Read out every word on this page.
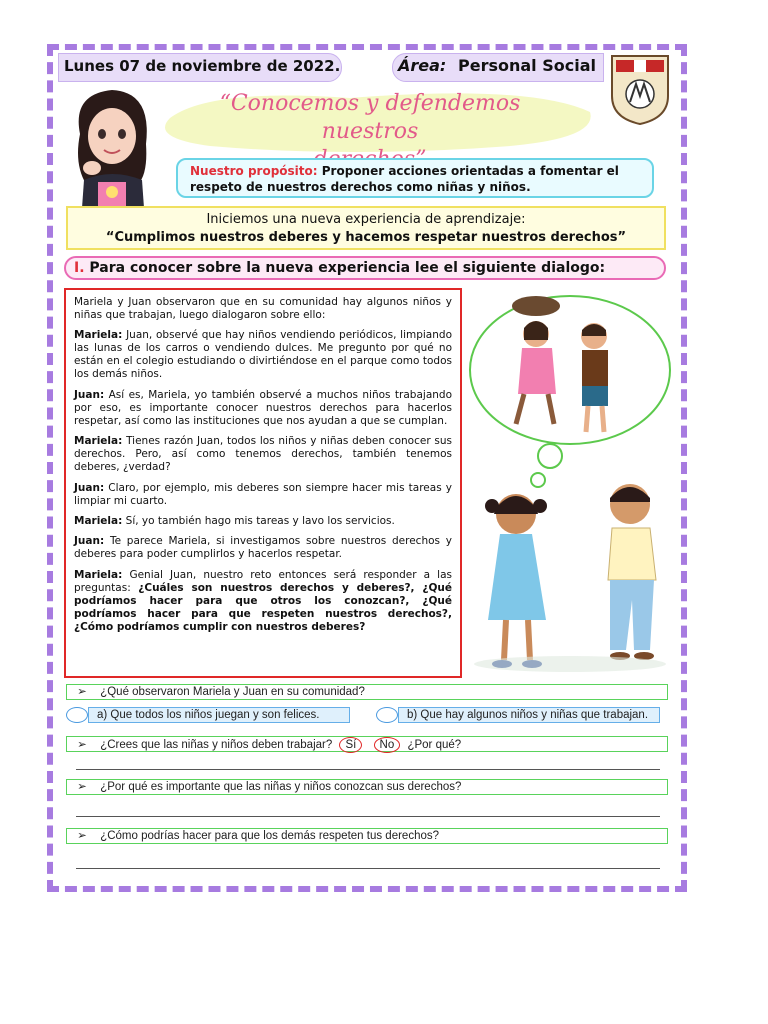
Lunes 07 de noviembre de 2022.	Área: Personal Social
“Conocemos y defendemos nuestros
Nuestro propósito: Proponer acciones orientadas a fomentar el respeto de nuestros derechos como niñas y niños.
Iniciemos una nueva experiencia de aprendizaje:
“Cumplimos nuestros deberes y hacemos respetar nuestros derechos”
I. Para conocer sobre la nueva experiencia lee el siguiente dialogo:

Mariela y Juan observaron que en su comunidad hay algunos niños y niñas que trabajan, luego dialogaron sobre ello:

Mariela: Juan, observé que hay niños vendiendo periódicos, limpiando las lunas de los carros o vendiendo dulces. Me pregunto por qué no están en el colegio estudiando o divirtiéndose en el parque como todos los demás niños.

Juan: Así es, Mariela, yo también observé a muchos niños trabajando por eso, es importante conocer nuestros derechos para hacerlos respetar, así como las instituciones que nos ayudan a que se cumplan.

Mariela: Tienes razón Juan, todos los niños y niñas deben conocer sus derechos. Pero, así como tenemos derechos, también tenemos deberes, ¿verdad?

Juan: Claro, por ejemplo, mis deberes son siempre hacer mis tareas y limpiar mi cuarto.

Mariela: Sí, yo también hago mis tareas y lavo los servicios.

Juan: Te parece Mariela, si investigamos sobre nuestros derechos y deberes para poder cumplirlos y hacerlos respetar.

Mariela: Genial Juan, nuestro reto entonces será responder a las preguntas: ¿Cuáles son nuestros derechos y deberes?, ¿Qué podríamos hacer para que otros los conozcan?, ¿Qué podríamos hacer para que respeten nuestros derechos?, ¿Cómo podríamos cumplir con nuestros deberes?

➢ ¿Qué observaron Mariela y Juan en su comunidad?
a) Que todos los niños juegan y son felices.	b) Que hay algunos niños y niñas que trabajan.
➢ ¿Crees que las niñas y niños deben trabajar? Sí No ¿Por qué?
➢ ¿Por qué es importante que las niñas y niños conozcan sus derechos?
➢ ¿Cómo podrías hacer para que los demás respeten tus derechos?
